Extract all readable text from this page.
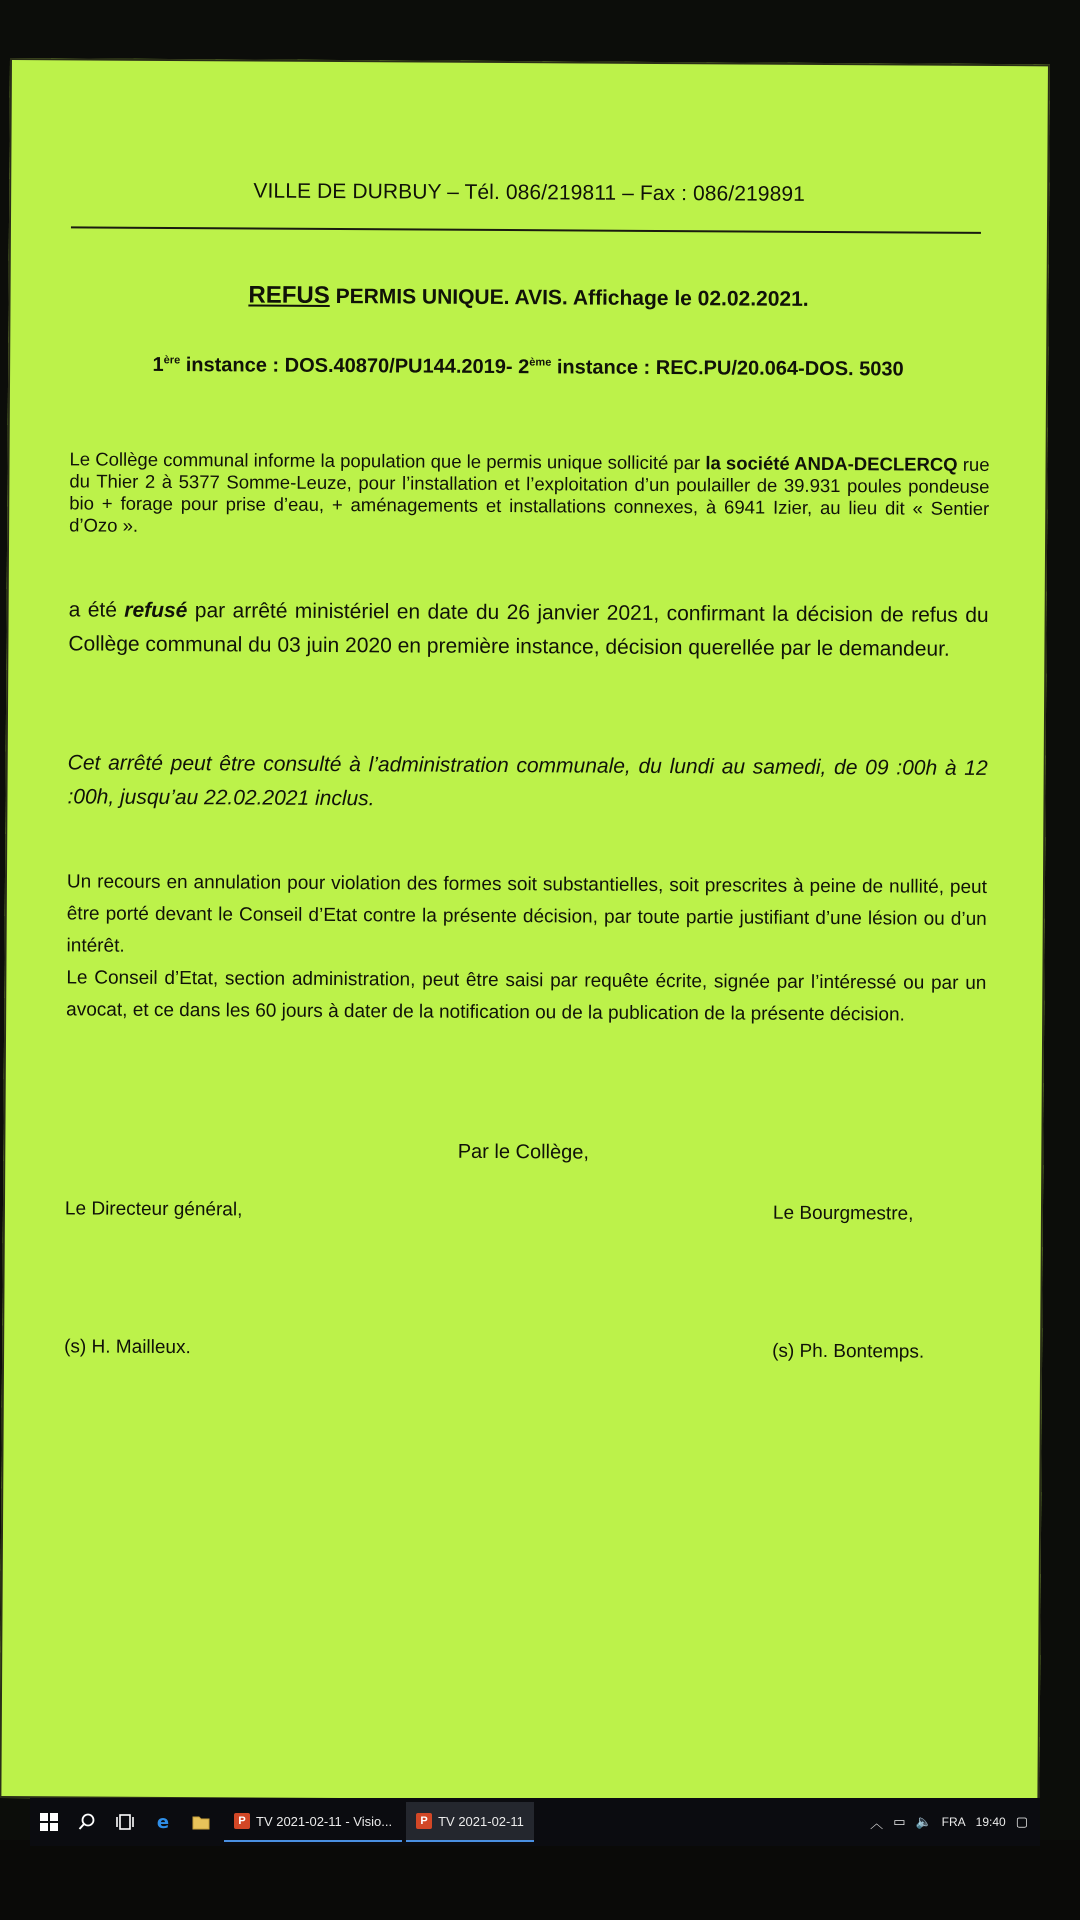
VILLE DE DURBUY – Tél. 086/219811 – Fax : 086/219891
REFUS PERMIS UNIQUE. AVIS. Affichage le 02.02.2021.
1ère instance : DOS.40870/PU144.2019- 2ème instance : REC.PU/20.064-DOS. 5030
Le Collège communal informe la population que le permis unique sollicité par la société ANDA-DECLERCQ rue du Thier 2 à 5377 Somme-Leuze, pour l’installation et l’exploitation d’un poulailler de 39.931 poules pondeuse bio + forage pour prise d’eau, + aménagements et installations connexes, à 6941 Izier, au lieu dit « Sentier d’Ozo ».
a été refusé par arrêté ministériel en date du 26 janvier 2021, confirmant la décision de refus du Collège communal du 03 juin 2020 en première instance, décision querellée par le demandeur.
Cet arrêté peut être consulté à l’administration communale, du lundi au samedi, de 09 :00h à 12 :00h, jusqu’au 22.02.2021 inclus.
Un recours en annulation pour violation des formes soit substantielles, soit prescrites à peine de nullité, peut être porté devant le Conseil d’Etat contre la présente décision, par toute partie justifiant d’une lésion ou d’un intérêt.
Le Conseil d’Etat, section administration, peut être saisi par requête écrite, signée par l’intéressé ou par un avocat, et ce dans les 60 jours à dater de la notification ou de la publication de la présente décision.
Par le Collège,
Le Directeur général,	Le Bourgmestre,
(s) H. Mailleux.	(s) Ph. Bontemps.
e	P TV 2021-02-11 - Visio...	P TV 2021-02-11	︿ ▭ 🔈 FRA 19:40 ▢
